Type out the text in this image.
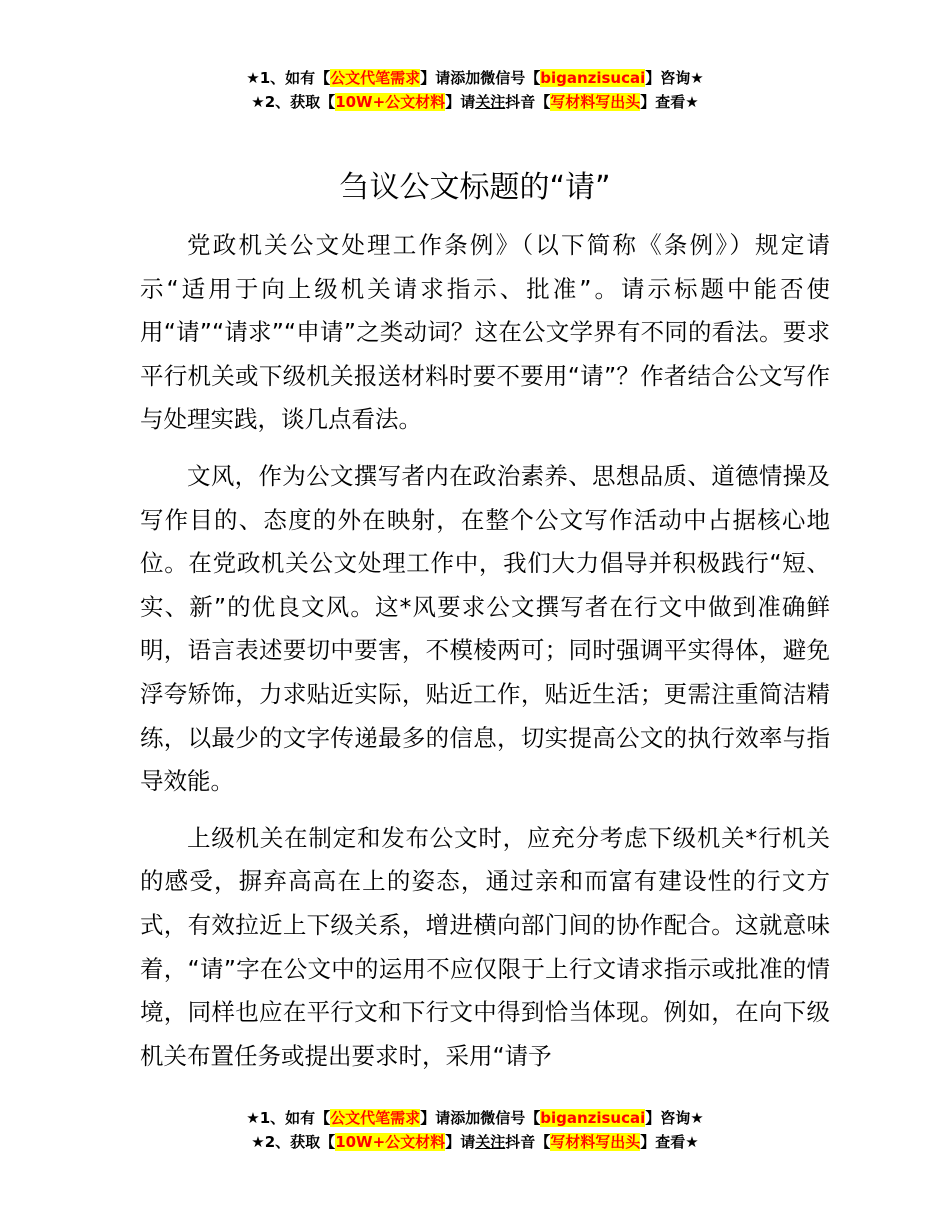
★1、如有【公文代笔需求】请添加微信号【biganzisucai】咨询★
★2、获取【10W+公文材料】请关注抖音【写材料写出头】查看★
刍议公文标题的“请”

党政机关公文处理工作条例》（以下简称《条例》）规定请示“适用于向上级机关请求指示、批准”。请示标题中能否使用“请”“请求”“申请”之类动词？这在公文学界有不同的看法。要求平行机关或下级机关报送材料时要不要用“请”？作者结合公文写作与处理实践，谈几点看法。

文风，作为公文撰写者内在政治素养、思想品质、道德情操及写作目的、态度的外在映射，在整个公文写作活动中占据核心地位。在党政机关公文处理工作中，我们大力倡导并积极践行“短、实、新”的优良文风。这*风要求公文撰写者在行文中做到准确鲜明，语言表述要切中要害，不模棱两可；同时强调平实得体，避免浮夸矫饰，力求贴近实际，贴近工作，贴近生活；更需注重简洁精练，以最少的文字传递最多的信息，切实提高公文的执行效率与指导效能。

上级机关在制定和发布公文时，应充分考虑下级机关*行机关的感受，摒弃高高在上的姿态，通过亲和而富有建设性的行文方式，有效拉近上下级关系，增进横向部门间的协作配合。这就意味着，“请”字在公文中的运用不应仅限于上行文请求指示或批准的情境，同样也应在平行文和下行文中得到恰当体现。例如，在向下级机关布置任务或提出要求时，采用“请予

★1、如有【公文代笔需求】请添加微信号【biganzisucai】咨询★
★2、获取【10W+公文材料】请关注抖音【写材料写出头】查看★
